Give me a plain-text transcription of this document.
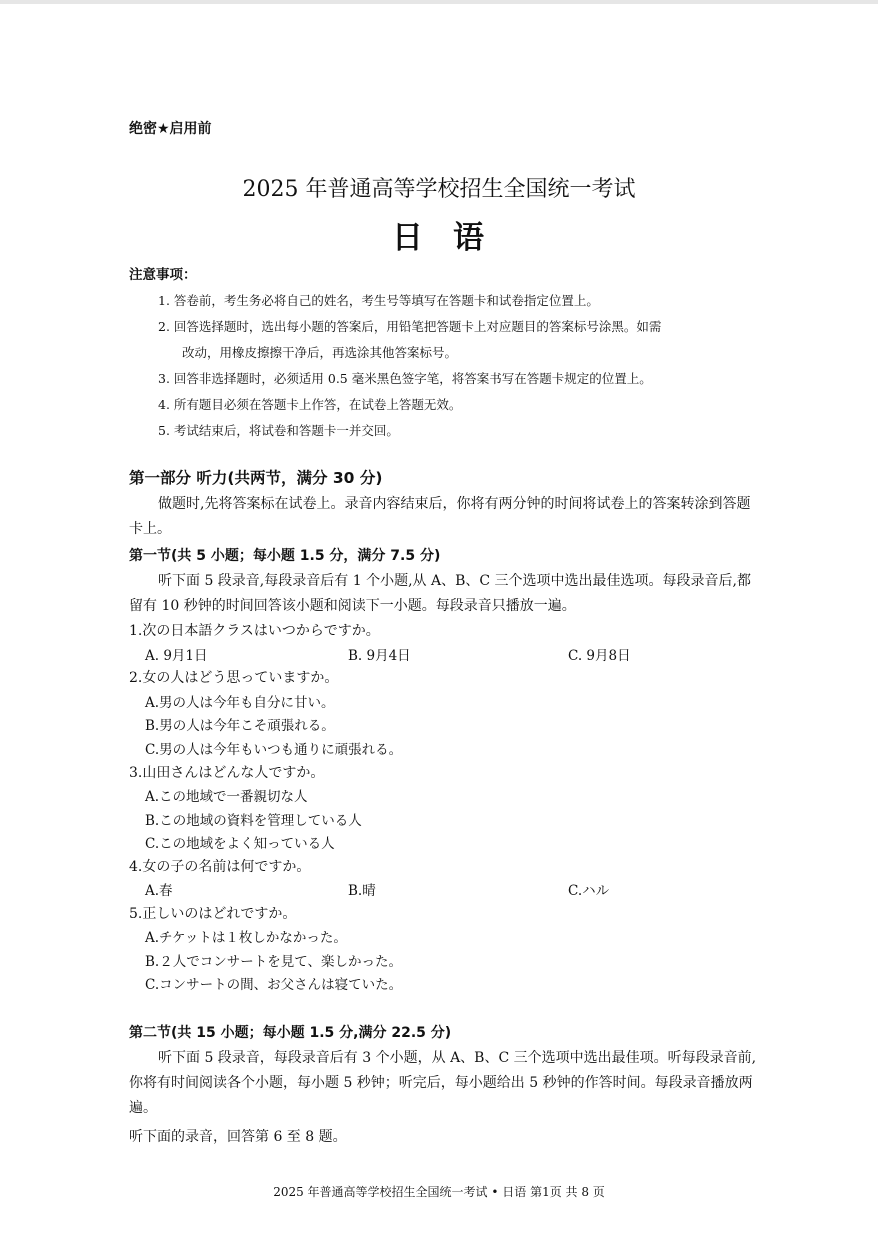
绝密★启用前
2025 年普通高等学校招生全国统一考试
日 语
注意事项：
1. 答卷前，考生务必将自己的姓名，考生号等填写在答题卡和试卷指定位置上。
2. 回答选择题时，选出每小题的答案后，用铅笔把答题卡上对应题目的答案标号涂黑。如需
改动，用橡皮擦擦干净后，再选涂其他答案标号。
3. 回答非选择题时，必须适用 0.5 毫米黑色签字笔，将答案书写在答题卡规定的位置上。
4. 所有题目必须在答题卡上作答，在试卷上答题无效。
5. 考试结束后，将试卷和答题卡一并交回。
第一部分 听力(共两节，满分 30 分)
做题时,先将答案标在试卷上。录音内容结束后，你将有两分钟的时间将试卷上的答案转涂到答题卡上。
第一节(共 5 小题；每小题 1.5 分，满分 7.5 分)
听下面 5 段录音,每段录音后有 1 个小题,从 A、B、C 三个选项中选出最佳选项。每段录音后,都留有 10 秒钟的时间回答该小题和阅读下一小题。每段录音只播放一遍。
1.次の日本語クラスはいつからですか。
A. 9月1日	B. 9月4日	C. 9月8日
2.女の人はどう思っていますか。
A.男の人は今年も自分に甘い。
B.男の人は今年こそ頑張れる。
C.男の人は今年もいつも通りに頑張れる。
3.山田さんはどんな人ですか。
A.この地域で一番親切な人
B.この地域の資料を管理している人
C.この地域をよく知っている人
4.女の子の名前は何ですか。
A.春	B.晴	C.ハル
5.正しいのはどれですか。
A.チケットは１枚しかなかった。
B.２人でコンサートを見て、楽しかった。
C.コンサートの間、お父さんは寝ていた。
第二节(共 15 小题；每小题 1.5 分,满分 22.5 分)
听下面 5 段录音，每段录音后有 3 个小题，从 A、B、C 三个选项中选出最佳项。听每段录音前,你将有时间阅读各个小题，每小题 5 秒钟；听完后，每小题给出 5 秒钟的作答时间。每段录音播放两遍。
听下面的录音，回答第 6 至 8 题。
2025 年普通高等学校招生全国统一考试 • 日语 第1页 共 8 页
